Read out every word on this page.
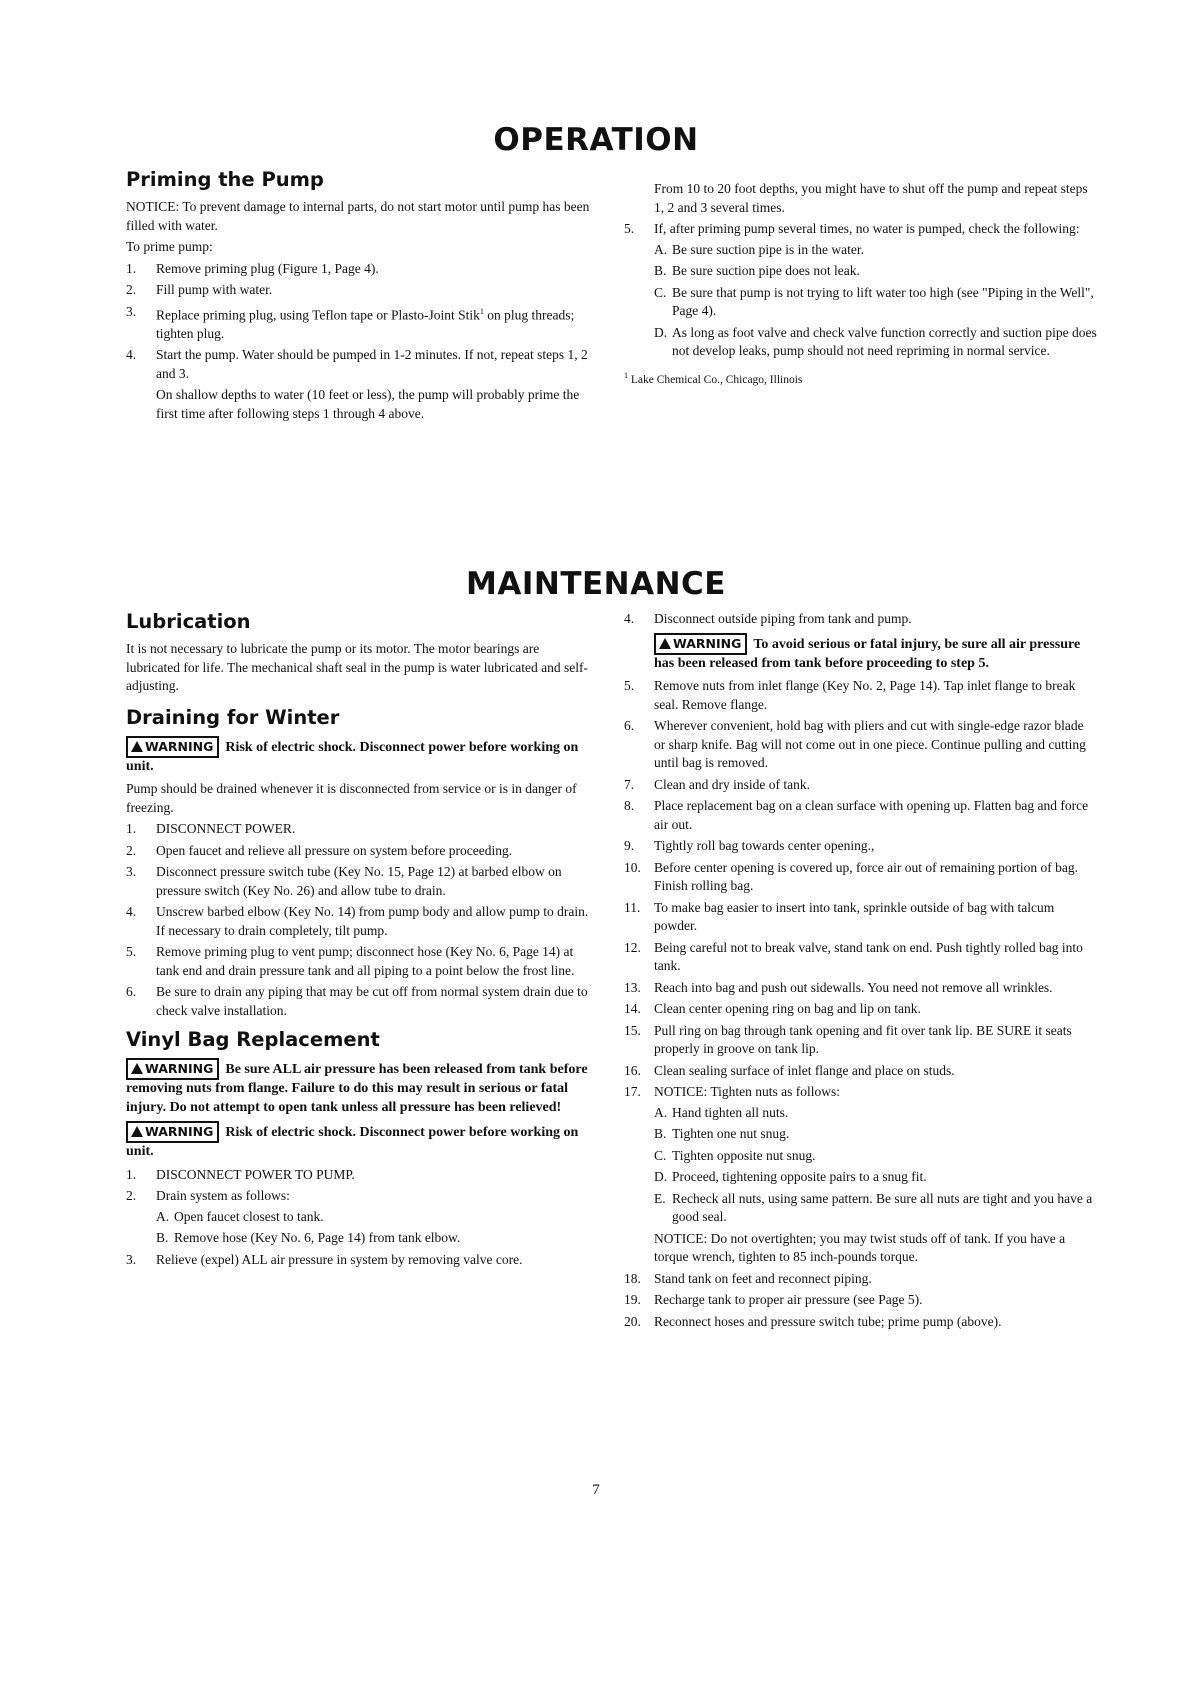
OPERATION
Priming the Pump

NOTICE: To prevent damage to internal parts, do not start motor until pump has been filled with water.

To prime pump:

1. Remove priming plug (Figure 1, Page 4).
2. Fill pump with water.
3. Replace priming plug, using Teflon tape or Plasto-Joint Stik$^1$ on plug threads; tighten plug.
4. Start the pump. Water should be pumped in 1-2 minutes. If not, repeat steps 1, 2 and 3.

On shallow depths to water (10 feet or less), the pump will probably prime the first time after following steps 1 through 4 above.

From 10 to 20 foot depths, you might have to shut off the pump and repeat steps 1, 2 and 3 several times.

5. If, after priming pump several times, no water is pumped, check the following:
A. Be sure suction pipe is in the water.
B. Be sure suction pipe does not leak.
C. Be sure that pump is not trying to lift water too high (see "Piping in the Well", Page 4).
D. As long as foot valve and check valve function correctly and suction pipe does not develop leaks, pump should not need repriming in normal service.

$^1$ Lake Chemical Co., Chicago, Illinois

MAINTENANCE
Lubrication

It is not necessary to lubricate the pump or its motor. The motor bearings are lubricated for life. The mechanical shaft seal in the pump is water lubricated and self-adjusting.

Draining for Winter

WARNING Risk of electric shock. Disconnect power before working on unit.

Pump should be drained whenever it is disconnected from service or is in danger of freezing.

1. DISCONNECT POWER.
2. Open faucet and relieve all pressure on system before proceeding.
3. Disconnect pressure switch tube (Key No. 15, Page 12) at barbed elbow on pressure switch (Key No. 26) and allow tube to drain.
4. Unscrew barbed elbow (Key No. 14) from pump body and allow pump to drain. If necessary to drain completely, tilt pump.
5. Remove priming plug to vent pump; disconnect hose (Key No. 6, Page 14) at tank end and drain pressure tank and all piping to a point below the frost line.
6. Be sure to drain any piping that may be cut off from normal system drain due to check valve installation.
Vinyl Bag Replacement

WARNING Be sure ALL air pressure has been released from tank before removing nuts from flange. Failure to do this may result in serious or fatal injury. Do not attempt to open tank unless all pressure has been relieved!

WARNING Risk of electric shock. Disconnect power before working on unit.

1. DISCONNECT POWER TO PUMP.
2. Drain system as follows:
A. Open faucet closest to tank.
B. Remove hose (Key No. 6, Page 14) from tank elbow.
3. Relieve (expel) ALL air pressure in system by removing valve core.
4. Disconnect outside piping from tank and pump.

WARNING To avoid serious or fatal injury, be sure all air pressure has been released from tank before proceeding to step 5.

5. Remove nuts from inlet flange (Key No. 2, Page 14). Tap inlet flange to break seal. Remove flange.
6. Wherever convenient, hold bag with pliers and cut with single-edge razor blade or sharp knife. Bag will not come out in one piece. Continue pulling and cutting until bag is removed.
7. Clean and dry inside of tank.
8. Place replacement bag on a clean surface with opening up. Flatten bag and force air out.
9. Tightly roll bag towards center opening.,
10. Before center opening is covered up, force air out of remaining portion of bag. Finish rolling bag.
11. To make bag easier to insert into tank, sprinkle outside of bag with talcum powder.
12. Being careful not to break valve, stand tank on end. Push tightly rolled bag into tank.
13. Reach into bag and push out sidewalls. You need not remove all wrinkles.
14. Clean center opening ring on bag and lip on tank.
15. Pull ring on bag through tank opening and fit over tank lip. BE SURE it seats properly in groove on tank lip.
16. Clean sealing surface of inlet flange and place on studs.
17. NOTICE: Tighten nuts as follows:
A. Hand tighten all nuts.
B. Tighten one nut snug.
C. Tighten opposite nut snug.
D. Proceed, tightening opposite pairs to a snug fit.
E. Recheck all nuts, using same pattern. Be sure all nuts are tight and you have a good seal.

NOTICE: Do not overtighten; you may twist studs off of tank. If you have a torque wrench, tighten to 85 inch-pounds torque.

18. Stand tank on feet and reconnect piping.
19. Recharge tank to proper air pressure (see Page 5).
20. Reconnect hoses and pressure switch tube; prime pump (above).
7
